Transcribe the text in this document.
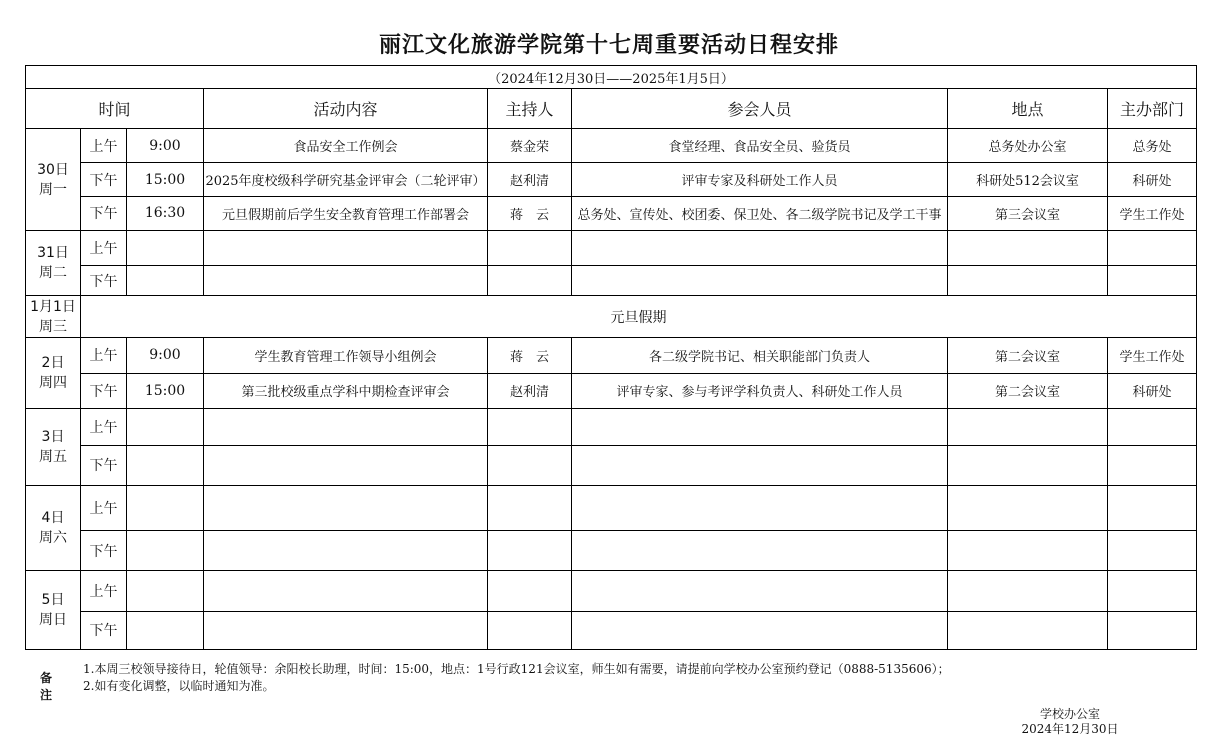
丽江文化旅游学院第十七周重要活动日程安排
（2024年12月30日——2025年1月5日）							
时间			活动内容	主持人	参会人员	地点	主办部门

30日
周一	上午	9:00	食品安全工作例会	蔡金荣	食堂经理、食品安全员、验货员	总务处办公室	总务处
	下午	15:00	2025年度校级科学研究基金评审会（二轮评审）	赵利清	评审专家及科研处工作人员	科研处512会议室	科研处
	下午	16:30	元旦假期前后学生安全教育管理工作部署会	蒋　云	总务处、宣传处、校团委、保卫处、各二级学院书记及学工干事	第三会议室	学生工作处

31日
周二	上午						
	下午						

1月1日
周三	元旦假期						

2日
周四	上午	9:00	学生教育管理工作领导小组例会	蒋　云	各二级学院书记、相关职能部门负责人	第二会议室	学生工作处
	下午	15:00	第三批校级重点学科中期检查评审会	赵利清	评审专家、参与考评学科负责人、科研处工作人员	第二会议室	科研处

3日
周五	上午						
	下午						

4日
周六	上午						
	下午						

5日
周日	上午						
	下午						
备注
1.本周三校领导接待日，轮值领导：余阳校长助理，时间：15:00，地点：1号行政121会议室，师生如有需要，请提前向学校办公室预约登记（0888-5135606）；
2.如有变化调整，以临时通知为准。
学校办公室
2024年12月30日
